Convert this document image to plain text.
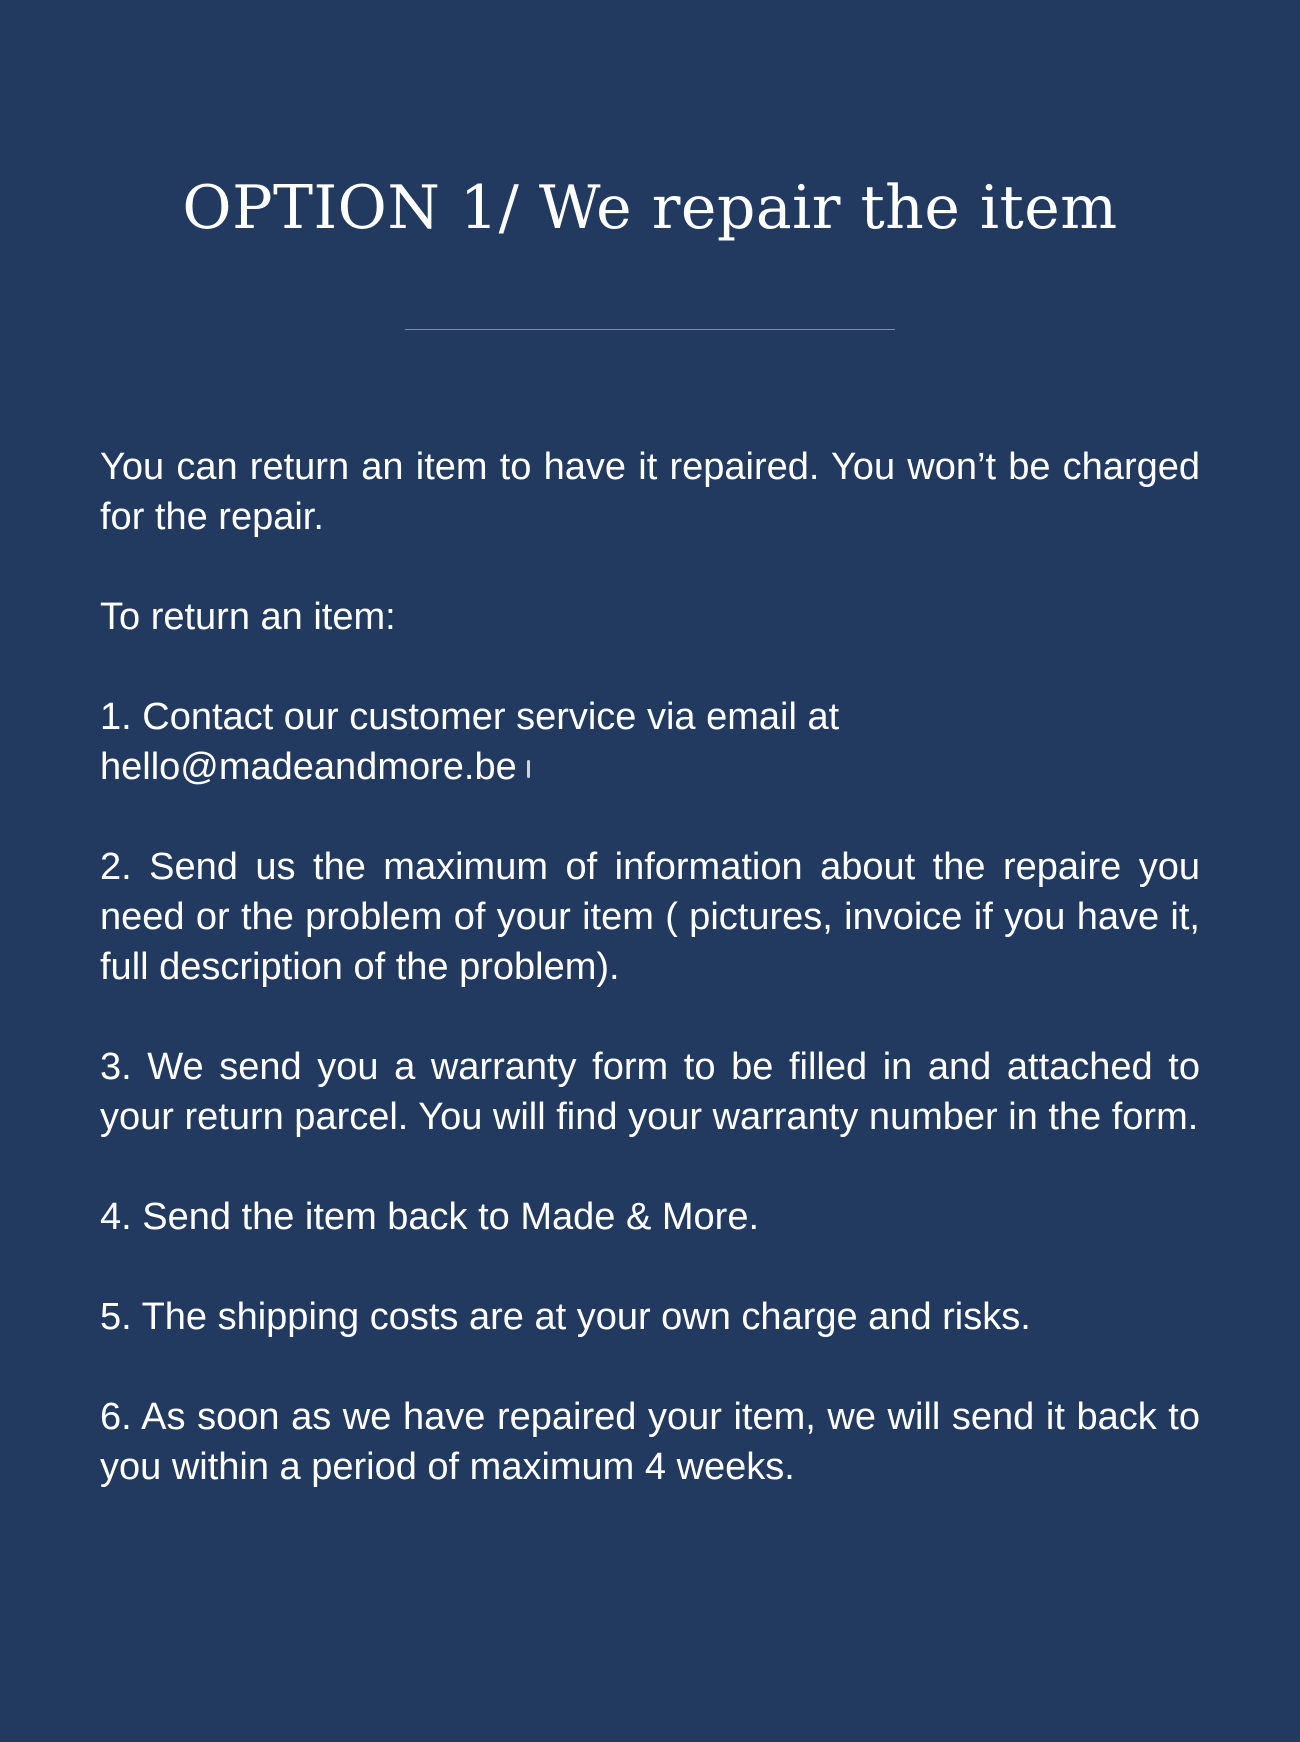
OPTION 1/ We repair the item

You can return an item to have it repaired. You won’t be charged for the repair.

To return an item:

1. Contact our customer service via email at
hello@madeandmore.be

2. Send us the maximum of information about the repaire you need or the problem of your item ( pictures, invoice if you have it, full description of the problem).

3. We send you a warranty form to be filled in and attached to your return parcel. You will find your warranty number in the form.

4. Send the item back to Made & More.

5. The shipping costs are at your own charge and risks.

6. As soon as we have repaired your item, we will send it back to you within a period of maximum 4 weeks.
